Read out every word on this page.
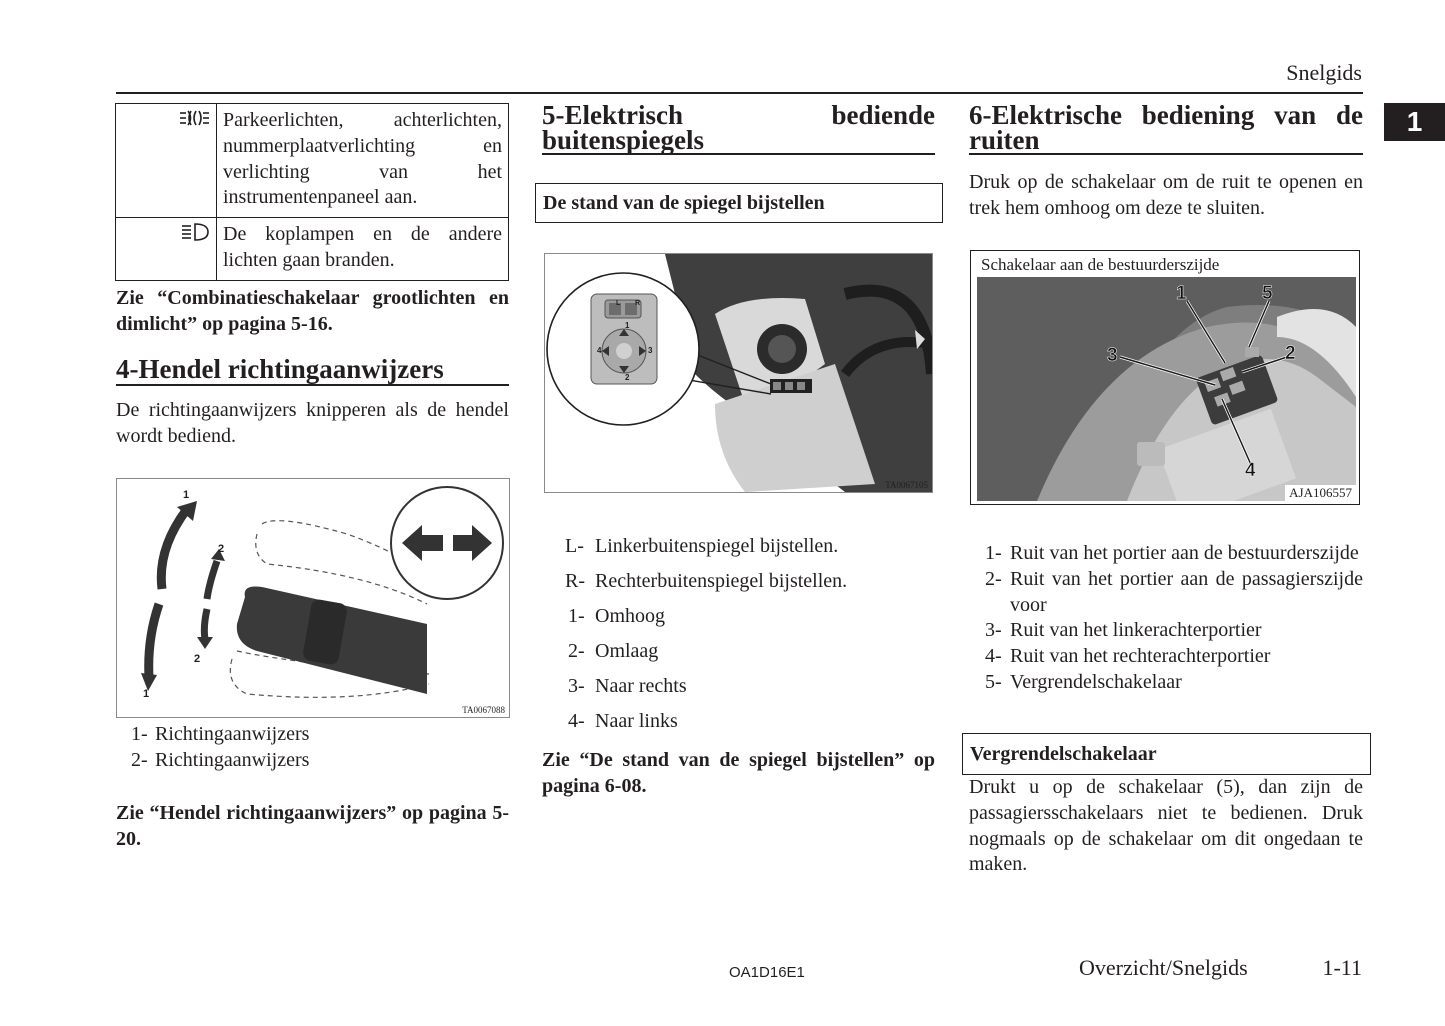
Snelgids
1
	Parkeerlichten, achterlichten, nummerplaatverlichting en verlichting van het instrumentenpaneel aan.
	De koplampen en de andere lichten gaan branden.

Zie “Combinatieschakelaar grootlichten en dimlicht” op pagina 5-16.

4-Hendel richtingaanwijzers

De richtingaanwijzers knipperen als de hendel wordt bediend.

1
2
2
1
TA0067088
1- Richtingaanwijzers
2- Richtingaanwijzers

Zie “Hendel richtingaanwijzers” op pagina 5-20.

5-Elektrisch bediende buitenspiegels
De stand van de spiegel bijstellen
L R
1
2
3
4
TA0067105
L- Linkerbuitenspiegel bijstellen.
R- Rechterbuitenspiegel bijstellen.
1- Omhoog
2- Omlaag
3- Naar rechts
4- Naar links

Zie “De stand van de spiegel bijstellen” op pagina 6-08.

6-Elektrische bediening van de ruiten

Druk op de schakelaar om de ruit te openen en trek hem omhoog om deze te sluiten.

Schakelaar aan de bestuurderszijde
1
2
3
4
5
AJA106557
1- Ruit van het portier aan de bestuurderszijde
2- Ruit van het portier aan de passagierszijde voor
3- Ruit van het linkerachterportier
4- Ruit van het rechterachterportier
5- Vergrendelschakelaar
Vergrendelschakelaar

Drukt u op de schakelaar (5), dan zijn de passagiersschakelaars niet te bedienen. Druk nogmaals op de schakelaar om dit ongedaan te maken.

OA1D16E1	Overzicht/Snelgids	1-11
